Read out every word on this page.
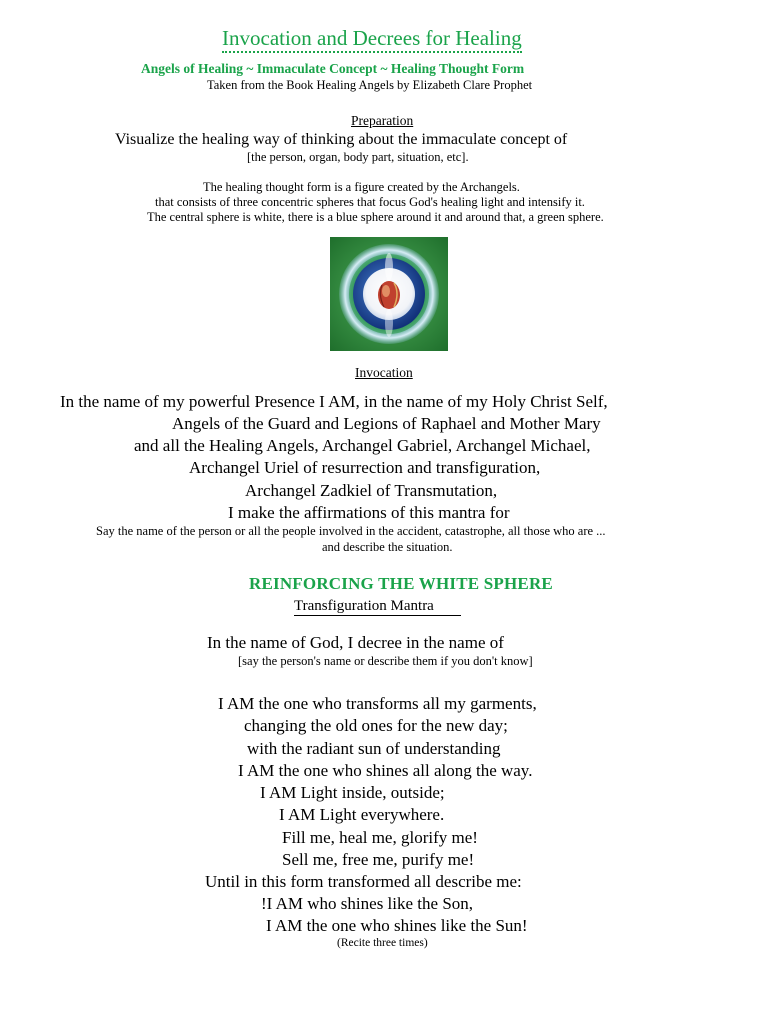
Invocation and Decrees for Healing
Angels of Healing ~ Immaculate Concept ~ Healing Thought Form
Taken from the Book Healing Angels by Elizabeth Clare Prophet
Preparation
Visualize the healing way of thinking about the immaculate concept of
[the person, organ, body part, situation, etc].
The healing thought form is a figure created by the Archangels.
that consists of three concentric spheres that focus God's healing light and intensify it.
The central sphere is white, there is a blue sphere around it and around that, a green sphere.
Invocation
In the name of my powerful Presence I AM, in the name of my Holy Christ Self,
Angels of the Guard and Legions of Raphael and Mother Mary
and all the Healing Angels, Archangel Gabriel, Archangel Michael,
Archangel Uriel of resurrection and transfiguration,
Archangel Zadkiel of Transmutation,
I make the affirmations of this mantra for
Say the name of the person or all the people involved in the accident, catastrophe, all those who are ...
and describe the situation.
REINFORCING THE WHITE SPHERE
Transfiguration Mantra
In the name of God, I decree in the name of
[say the person's name or describe them if you don't know]
I AM the one who transforms all my garments,
changing the old ones for the new day;
with the radiant sun of understanding
I AM the one who shines all along the way.
I AM Light inside, outside;
I AM Light everywhere.
Fill me, heal me, glorify me!
Sell me, free me, purify me!
Until in this form transformed all describe me:
!I AM who shines like the Son,
I AM the one who shines like the Sun!
(Recite three times)
